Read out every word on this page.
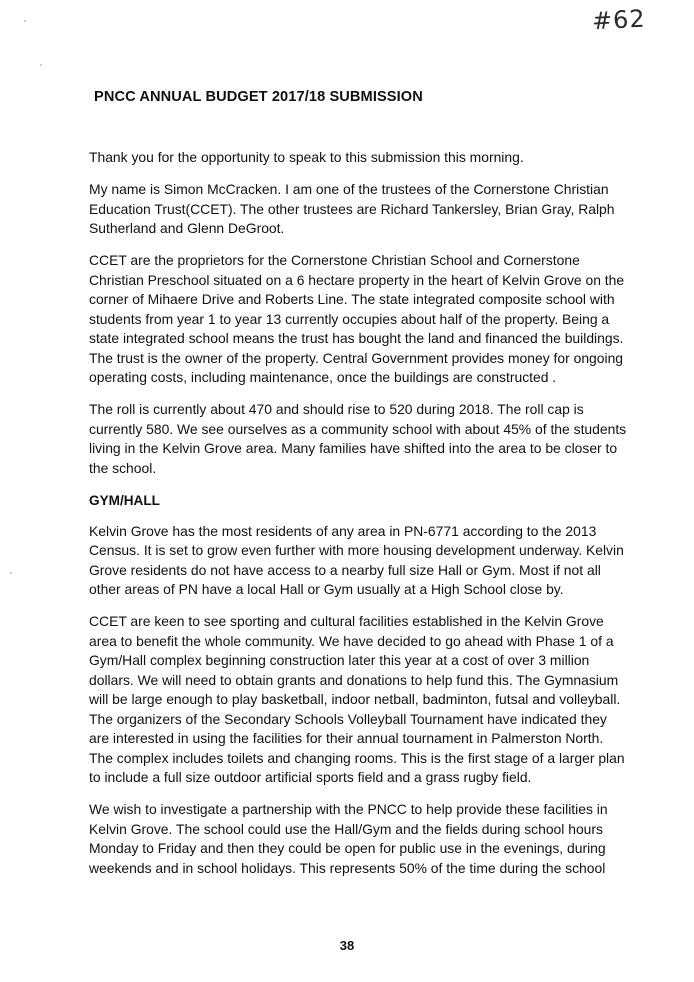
#62
PNCC ANNUAL BUDGET 2017/18 SUBMISSION

Thank you for the opportunity to speak to this submission this morning.

My name is Simon McCracken. I am one of the trustees of the Cornerstone Christian Education Trust(CCET). The other trustees are Richard Tankersley, Brian Gray, Ralph Sutherland and Glenn DeGroot.

CCET are the proprietors for the Cornerstone Christian School and Cornerstone Christian Preschool situated on a 6 hectare property in the heart of Kelvin Grove on the corner of Mihaere Drive and Roberts Line. The state integrated composite school with students from year 1 to year 13 currently occupies about half of the property. Being a state integrated school means the trust has bought the land and financed the buildings. The trust is the owner of the property. Central Government provides money for ongoing operating costs, including maintenance, once the buildings are constructed .

The roll is currently about 470 and should rise to 520 during 2018. The roll cap is currently 580. We see ourselves as a community school with about 45% of the students living in the Kelvin Grove area. Many families have shifted into the area to be closer to the school.

GYM/HALL

Kelvin Grove has the most residents of any area in PN-6771 according to the 2013 Census. It is set to grow even further with more housing development underway. Kelvin Grove residents do not have access to a nearby full size Hall or Gym. Most if not all other areas of PN have a local Hall or Gym usually at a High School close by.

CCET are keen to see sporting and cultural facilities established in the Kelvin Grove area to benefit the whole community. We have decided to go ahead with Phase 1 of a Gym/Hall complex beginning construction later this year at a cost of over 3 million dollars. We will need to obtain grants and donations to help fund this. The Gymnasium will be large enough to play basketball, indoor netball, badminton, futsal and volleyball. The organizers of the Secondary Schools Volleyball Tournament have indicated they are interested in using the facilities for their annual tournament in Palmerston North. The complex includes toilets and changing rooms. This is the first stage of a larger plan to include a full size outdoor artificial sports field and a grass rugby field.

We wish to investigate a partnership with the PNCC to help provide these facilities in Kelvin Grove. The school could use the Hall/Gym and the fields during school hours Monday to Friday and then they could be open for public use in the evenings, during weekends and in school holidays. This represents 50% of the time during the school

38
